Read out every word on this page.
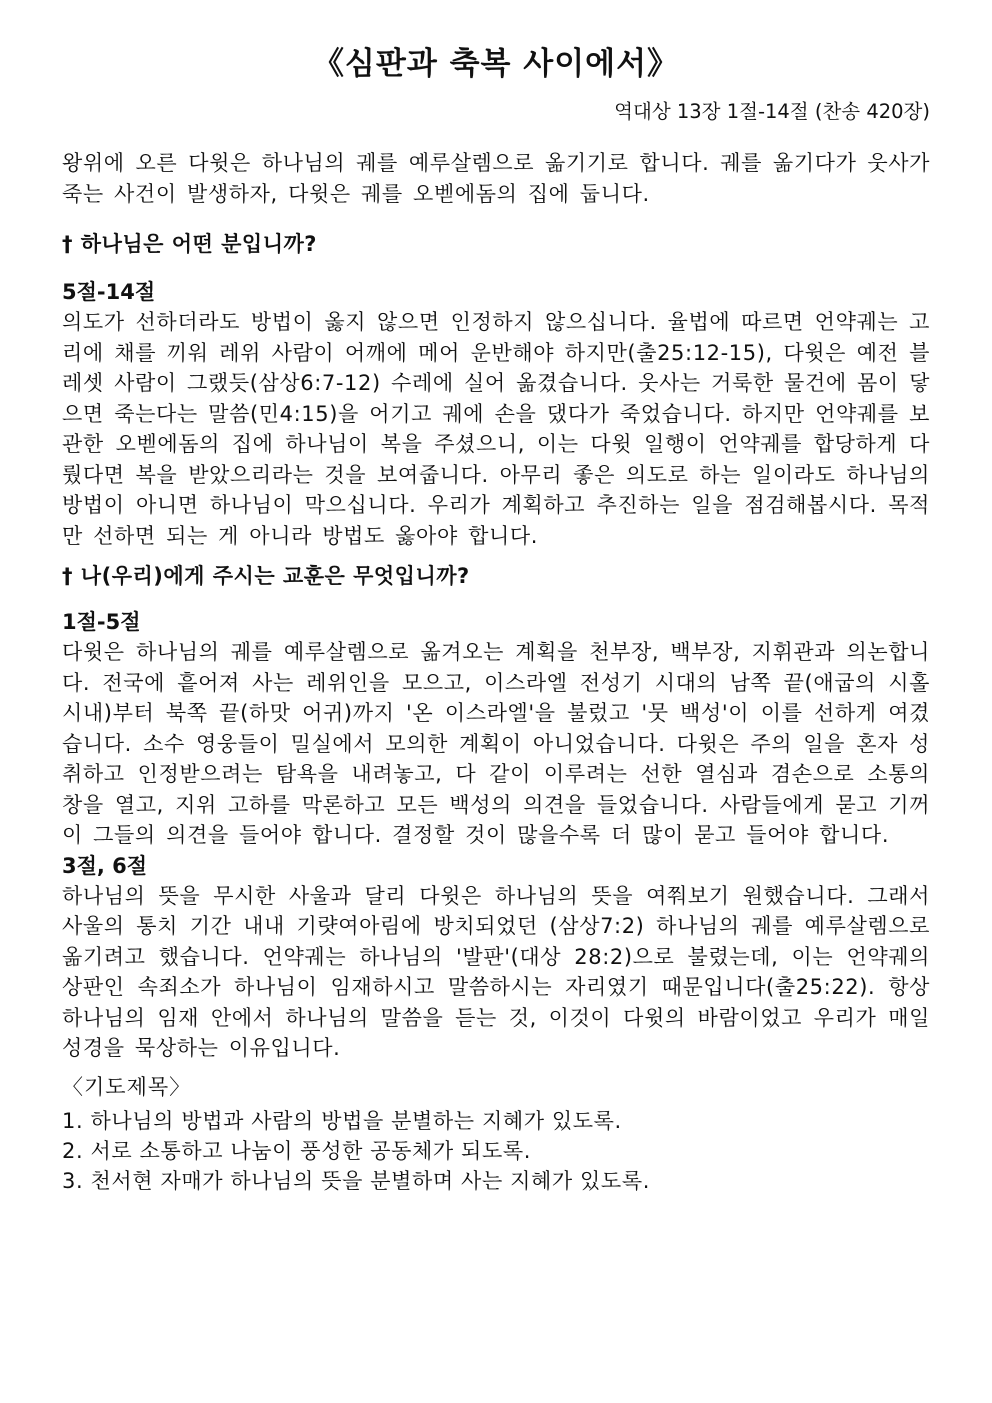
《심판과 축복 사이에서》
역대상 13장 1절-14절 (찬송 420장)

왕위에 오른 다윗은 하나님의 궤를 예루살렘으로 옮기기로 합니다. 궤를 옮기다가 웃사가 죽는 사건이 발생하자, 다윗은 궤를 오벧에돔의 집에 둡니다.

† 하나님은 어떤 분입니까?
5절-14절

의도가 선하더라도 방법이 옳지 않으면 인정하지 않으십니다. 율법에 따르면 언약궤는 고리에 채를 끼워 레위 사람이 어깨에 메어 운반해야 하지만(출25:12-15), 다윗은 예전 블레셋 사람이 그랬듯(삼상6:7-12) 수레에 실어 옮겼습니다. 웃사는 거룩한 물건에 몸이 닿으면 죽는다는 말씀(민4:15)을 어기고 궤에 손을 댔다가 죽었습니다. 하지만 언약궤를 보관한 오벧에돔의 집에 하나님이 복을 주셨으니, 이는 다윗 일행이 언약궤를 합당하게 다뤘다면 복을 받았으리라는 것을 보여줍니다. 아무리 좋은 의도로 하는 일이라도 하나님의 방법이 아니면 하나님이 막으십니다. 우리가 계획하고 추진하는 일을 점검해봅시다. 목적만 선하면 되는 게 아니라 방법도 옳아야 합니다.

† 나(우리)에게 주시는 교훈은 무엇입니까?
1절-5절

다윗은 하나님의 궤를 예루살렘으로 옮겨오는 계획을 천부장, 백부장, 지휘관과 의논합니다. 전국에 흩어져 사는 레위인을 모으고, 이스라엘 전성기 시대의 남쪽 끝(애굽의 시홀 시내)부터 북쪽 끝(하맛 어귀)까지 '온 이스라엘'을 불렀고 '뭇 백성'이 이를 선하게 여겼습니다. 소수 영웅들이 밀실에서 모의한 계획이 아니었습니다. 다윗은 주의 일을 혼자 성취하고 인정받으려는 탐욕을 내려놓고, 다 같이 이루려는 선한 열심과 겸손으로 소통의 창을 열고, 지위 고하를 막론하고 모든 백성의 의견을 들었습니다. 사람들에게 묻고 기꺼이 그들의 의견을 들어야 합니다. 결정할 것이 많을수록 더 많이 묻고 들어야 합니다.

3절, 6절

하나님의 뜻을 무시한 사울과 달리 다윗은 하나님의 뜻을 여쭤보기 원했습니다. 그래서 사울의 통치 기간 내내 기럇여아림에 방치되었던 (삼상7:2) 하나님의 궤를 예루살렘으로 옮기려고 했습니다. 언약궤는 하나님의 '발판'(대상 28:2)으로 불렸는데, 이는 언약궤의 상판인 속죄소가 하나님이 임재하시고 말씀하시는 자리였기 때문입니다(출25:22). 항상 하나님의 임재 안에서 하나님의 말씀을 듣는 것, 이것이 다윗의 바람이었고 우리가 매일 성경을 묵상하는 이유입니다.

〈기도제목〉
1. 하나님의 방법과 사람의 방법을 분별하는 지혜가 있도록.
2. 서로 소통하고 나눔이 풍성한 공동체가 되도록.
3. 천서현 자매가 하나님의 뜻을 분별하며 사는 지혜가 있도록.
